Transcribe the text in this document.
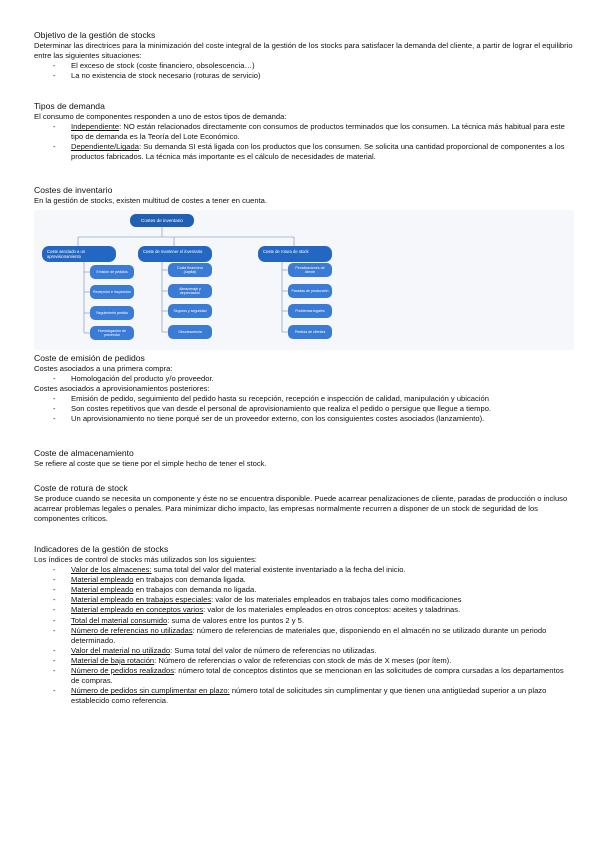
Objetivo de la gestión de stocks

Determinar las directrices para la minimización del coste integral de la gestión de los stocks para satisfacer la demanda del cliente, a partir de lograr el equilibrio entre las siguientes situaciones:

- El exceso de stock (coste financiero, obsolescencia…)
- La no existencia de stock necesario (roturas de servicio)

Tipos de demanda

El consumo de componentes responden a uno de estos tipos de demanda:

- Independiente: NO están relacionados directamente con consumos de productos terminados que los consumen. La técnica más habitual para este tipo de demanda es la Teoría del Lote Económico.
- Dependiente/Ligada: Su demanda SI está ligada con los productos que los consumen. Se solicita una cantidad proporcional de componentes a los productos fabricados. La técnica más importante es el cálculo de necesidades de material.

Costes de inventario

En la gestión de stocks, existen multitud de costes a tener en cuenta.

Costes de inventario
Coste asociado a un aprovisionamiento
Coste de mantener el inventario	Coste de rotura de stock
Emisión de pedidos
Recepción e inspección
Seguimiento pedido
Homologación de proveedor
Coste financiero (capital)
Almacenaje y depreciación
Seguros y seguridad
Obsolescencia
Penalizaciones de cliente
Paradas de producción
Problemas legales
Pérdida de clientes

Coste de emisión de pedidos

Costes asociados a una primera compra:

- Homologación del producto y/o proveedor.

Costes asociados a aprovisionamientos posteriores:

- Emisión de pedido, seguimiento del pedido hasta su recepción, recepción e inspección de calidad, manipulación y ubicación
- Son costes repetitivos que van desde el personal de aprovisionamiento que realiza el pedido o persigue que llegue a tiempo.
- Un aprovisionamiento no tiene porqué ser de un proveedor externo, con los consiguientes costes asociados (lanzamiento).

Coste de almacenamiento

Se refiere al coste que se tiene por el simple hecho de tener el stock.

Coste de rotura de stock

Se produce cuando se necesita un componente y éste no se encuentra disponible. Puede acarrear penalizaciones de cliente, paradas de producción o incluso acarrear problemas legales o penales. Para minimizar dicho impacto, las empresas normalmente recurren a disponer de un stock de seguridad de los componentes críticos.

Indicadores de la gestión de stocks

Los índices de control de stocks más utilizados son los siguientes:

- Valor de los almacenes: suma total del valor del material existente inventariado a la fecha del inicio.
- Material empleado en trabajos con demanda ligada.
- Material empleado en trabajos con demanda no ligada.
- Material empleado en trabajos especiales: valor de los materiales empleados en trabajos tales como modificaciones
- Material empleado en conceptos varios: valor de los materiales empleados en otros conceptos: aceites y taladrinas.
- Total del material consumido: suma de valores entre los puntos 2 y 5.
- Número de referencias no utilizadas: número de referencias de materiales que, disponiendo en el almacén no se utilizado durante un periodo determinado.
- Valor del material no utilizado: Suma total del valor de número de referencias no utilizadas.
- Material de baja rotación: Número de referencias o valor de referencias con stock de más de X meses (por ítem).
- Número de pedidos realizados: número total de conceptos distintos que se mencionan en las solicitudes de compra cursadas a los departamentos de compras.
- Número de pedidos sin cumplimentar en plazo: número total de solicitudes sin cumplimentar y que tienen una antigüedad superior a un plazo establecido como referencia.
